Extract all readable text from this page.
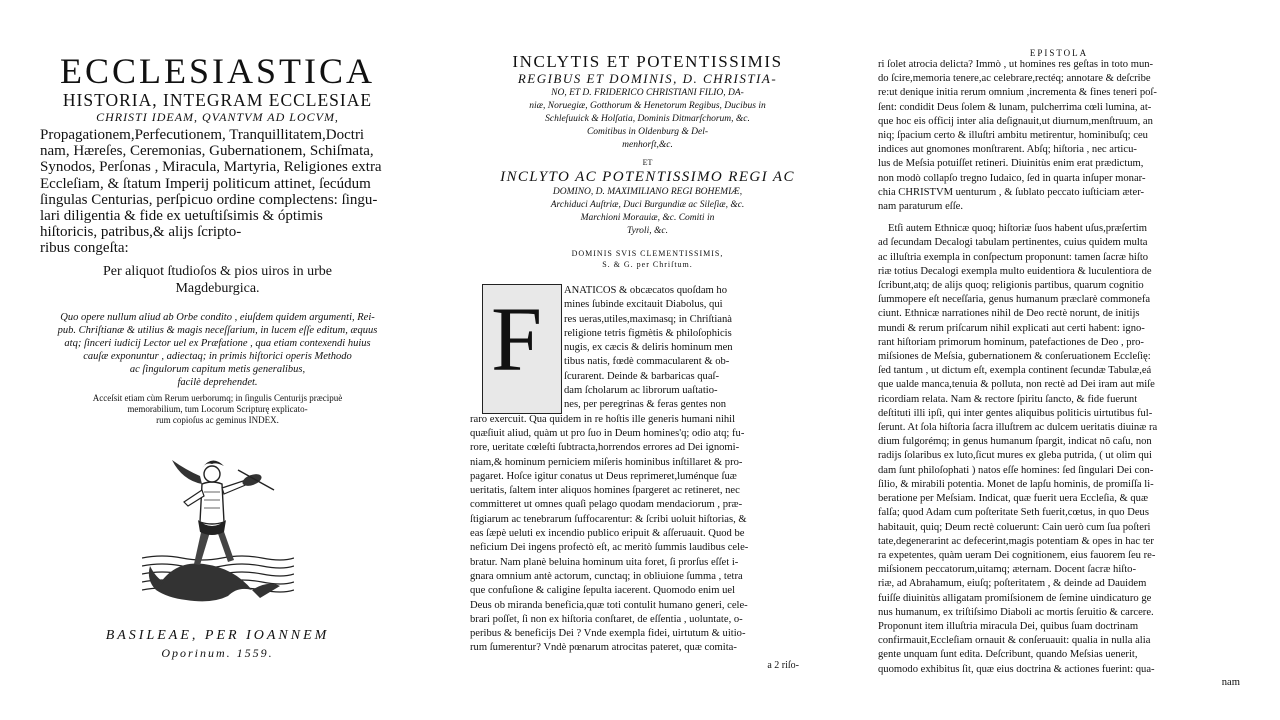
ECCLESIASTICA
HISTORIA, INTEGRAM ECCLESIAE
CHRISTI IDEAM, QVANTVM AD LOCVM,
Propagationem,Perfecutionem, Tranquillitatem,Doctri
nam, Hæreſes, Ceremonias, Gubernationem, Schiſmata,
Synodos, Perſonas , Miracula, Martyria, Religiones extra
Eccleſiam, & ſtatum Imperij politicum attinet, ſecúdum
ſingulas Centurias, perſpicuo ordine complectens: ſingu-
lari diligentia & fide ex uetuſtiſsimis & óptimis
hiſtoricis, patribus,& alijs ſcripto-
ribus congeſta:
Per aliquot ſtudioſos & pios uiros in urbe
Magdeburgica.
Quo opere nullum aliud ab Orbe condito , eiuſdem quidem argumenti, Rei-
pub. Chriſtianæ & utilius & magis neceſſarium, in lucem eſſe editum, æquus
atq; ſinceri iudicij Lector uel ex Præfatione , qua etiam contexendi huius
cauſæ exponuntur , adiectaq; in primis hiſtorici operis Methodo
ac ſingulorum capitum metis generalibus,
facilè deprehendet.
Acceſsit etiam cùm Rerum uerborumq; in ſingulis Centurijs præcipuè
memorabilium, tum Locorum Scripturę explicato-
rum copioſus ac geminus INDEX.
BASILEAE, PER IOANNEM
Oporinum. 1559.
INCLYTIS ET POTENTISSIMIS
REGIBUS ET DOMINIS, D. CHRISTIA-
NO, ET D. FRIDERICO CHRISTIANI FILIO, DA-
niæ, Noruegiæ, Gotthorum & Henetorum Regibus, Ducibus in
Schleſuuick & Holſatia, Dominis Ditmarſchorum, &c.
Comitibus in Oldenburg & Del-
menhorſt,&c.
ET
INCLYTO AC POTENTISSIMO REGI AC
DOMINO, D. MAXIMILIANO REGI BOHEMIÆ,
Archiduci Auſtriæ, Duci Burgundiæ ac Sileſiæ, &c.
Marchioni Morauiæ, &c. Comiti in
Tyroli, &c.
DOMINIS SVIS CLEMENTISSIMIS,
S. & G. per Chriſtum.
F	ANATICOS & obcæcatos quoſdam ho
mines ſubinde excitauit Diabolus, qui
res ueras,utiles,maximasq; in Chriſtianà
religione tetris figmètis & philoſophicis
nugis, ex cæcis & deliris hominum men
tibus natis, fœdè commacularent & ob-
ſcurarent. Deinde & barbaricas quaſ-
dam ſcholarum ac librorum uaſtatio-
nes, per peregrinas & feras gentes non
raro exercuit. Qua quidem in re hoſtis ille generis humani nihil
quæſiuit aliud, quàm ut pro ſuo in Deum homines'q; odio atq; fu-
rore, ueritate cœleſti ſubtracta,horrendos errores ad Dei ignomi-
niam,& hominum perniciem miſeris hominibus inſtillaret & pro-
pagaret. Hoſce igitur conatus ut Deus reprimeret,luménque ſuæ
ueritatis, ſaltem inter aliquos homines ſpargeret ac retineret, nec
committeret ut omnes quaſi pelago quodam mendaciorum , præ-
ſtigiarum ac tenebrarum ſuffocarentur: & ſcribi uoluit hiſtorias, &
eas ſæpè ueluti ex incendio publico eripuit & aſſeruauit. Quod be
neficium Dei ingens profectò eſt, ac meritò ſummis laudibus cele-
bratur. Nam planè beluina hominum uita foret, ſi prorſus eſſet i-
gnara omnium antè actorum, cunctaq; in obliuione ſumma , tetra
que confuſione & caligine ſepulta iacerent. Quomodo enim uel
Deus ob miranda beneficia,quæ toti contulit humano generi, cele-
brari poſſet, ſi non ex hiſtoria conſtaret, de eſſentia , uoluntate, o-
peribus & beneficijs Dei ? Vnde exempla fidei, uirtutum & uitio-
rum ſumerentur? Vndè pœnarum atrocitas pateret, quæ comita-
a 2 riſo-
EPISTOLA
ri ſolet atrocia delicta? Immò , ut homines res geſtas in toto mun-
do ſcire,memoria tenere,ac celebrare,rectéq; annotare & deſcribe
re:ut denique initia rerum omnium ,incrementa & fines teneri poſ-
ſent: condidit Deus ſolem & lunam, pulcherrima cœli lumina, at-
que hoc eis officij inter alia deſignauit,ut diurnum,menſtruum, an
niq; ſpacium certo & illuſtri ambitu metirentur, hominibuſq; ceu
indices aut gnomones monſtrarent. Abſq; hiſtoria , nec articu-
lus de Meſsia potuiſſet retineri. Diuinitùs enim erat prædictum,
non modò collapſo tregno Iudaico, ſed in quarta inſuper monar-
chia CHRISTVM uenturum , & ſublato peccato iuſticiam æter-
nam paraturum eſſe.
Etſi autem Ethnicæ quoq; hiſtoriæ ſuos habent uſus,præſertim
ad ſecundam Decalogi tabulam pertinentes, cuius quidem multa
ac illuſtria exempla in conſpectum proponunt: tamen ſacræ hiſto
riæ totius Decalogi exempla multo euidentiora & luculentiora de
ſcribunt,atq; de alijs quoq; religionis partibus, quarum cognitio
ſummopere eſt neceſſaria, genus humanum præclarè commonefa
ciunt. Ethnicæ narrationes nihil de Deo rectè norunt, de initijs
mundi & rerum priſcarum nihil explicati aut certi habent: igno-
rant hiſtoriam primorum hominum, patefactiones de Deo , pro-
miſsiones de Meſsia, gubernationem & conſeruationem Eccleſię:
ſed tantum , ut dictum eſt, exempla continent ſecundæ Tabulæ,eá
que ualde manca,tenuia & polluta, non rectè ad Dei iram aut miſe
ricordiam relata. Nam & rectore ſpiritu ſancto, & fide fuerunt
deſtituti illi ipſi, qui inter gentes aliquibus politicis uirtutibus ful-
ſerunt. At ſola hiſtoria ſacra illuſtrem ac dulcem ueritatis diuinæ ra
dium fulgorémq; in genus humanum ſpargit, indicat nõ caſu, non
radijs ſolaribus ex luto,ſicut mures ex gleba putrida, ( ut olim qui
dam ſunt philoſophati ) natos eſſe homines: ſed ſingulari Dei con-
ſilio, & mirabili potentia. Monet de lapſu hominis, de promiſſa li-
beratione per Meſsiam. Indicat, quæ fuerit uera Eccleſia, & quæ
falſa; quod Adam cum poſteritate Seth fuerit,cœtus, in quo Deus
habitauit, quiq; Deum rectè coluerunt: Cain uerò cum ſua poſteri
tate,degenerarint ac defecerint,magis potentiam & opes in hac ter
ra expetentes, quàm ueram Dei cognitionem, eius fauorem ſeu re-
miſsionem peccatorum,uitamq; æternam. Docent ſacræ hiſto-
riæ, ad Abrahamum, eiuſq; poſteritatem , & deinde ad Dauidem
fuiſſe diuinitùs alligatam promiſsionem de ſemine uindicaturo ge
nus humanum, ex triſtiſsimo Diaboli ac mortis ſeruitio & carcere.
Proponunt item illuſtria miracula Dei, quibus ſuam doctrinam
confirmauit,Eccleſiam ornauit & conſeruauit: qualia in nulla alia
gente unquam ſunt edita. Deſcribunt, quando Meſsias uenerit,
quomodo exhibitus ſit, quæ eius doctrina & actiones fuerint: qua-
nam
